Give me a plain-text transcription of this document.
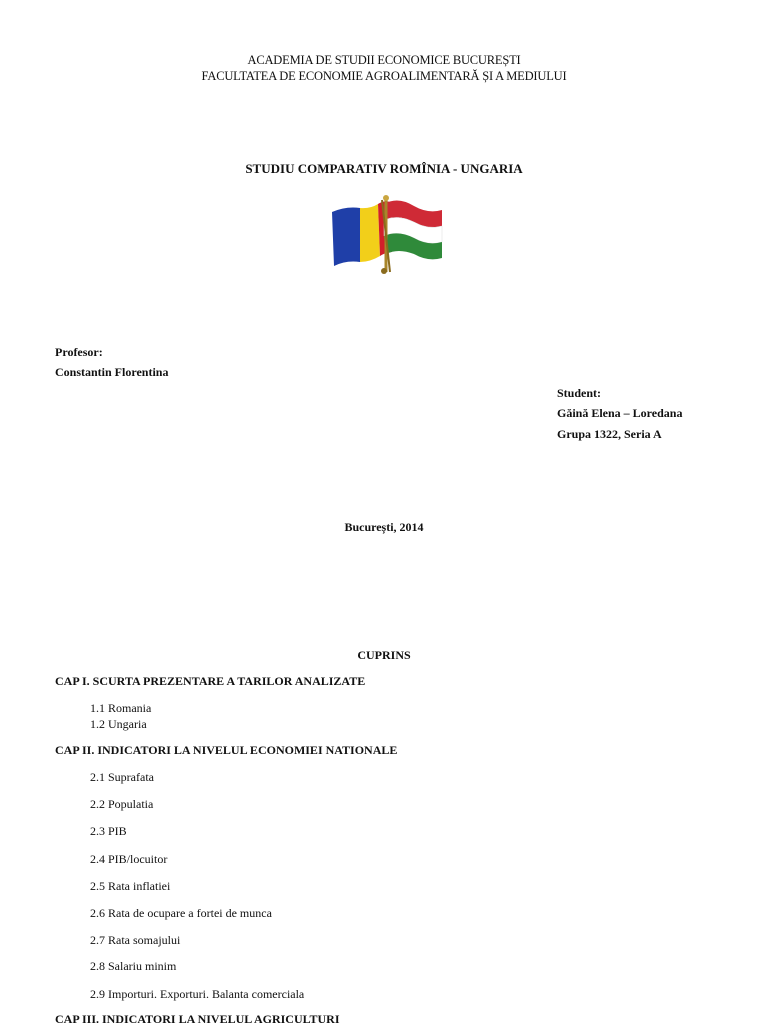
ACADEMIA DE STUDII ECONOMICE BUCUREȘTI
FACULTATEA DE ECONOMIE AGROALIMENTARĂ ȘI A MEDIULUI
STUDIU COMPARATIV ROMÎNIA - UNGARIA
Profesor:
Constantin Florentina
Student:
Găină Elena – Loredana
Grupa 1322, Seria A
București, 2014
CUPRINS
CAP I. SCURTA PREZENTARE A TARILOR ANALIZATE
1.1 Romania
1.2 Ungaria
CAP II. INDICATORI LA NIVELUL ECONOMIEI NATIONALE
2.1 Suprafata
2.2 Populatia
2.3 PIB
2.4 PIB/locuitor
2.5 Rata inflatiei
2.6 Rata de ocupare a fortei de munca
2.7 Rata somajului
2.8 Salariu minim
2.9 Importuri. Exporturi. Balanta comerciala
CAP III. INDICATORI LA NIVELUL AGRICULTURI
